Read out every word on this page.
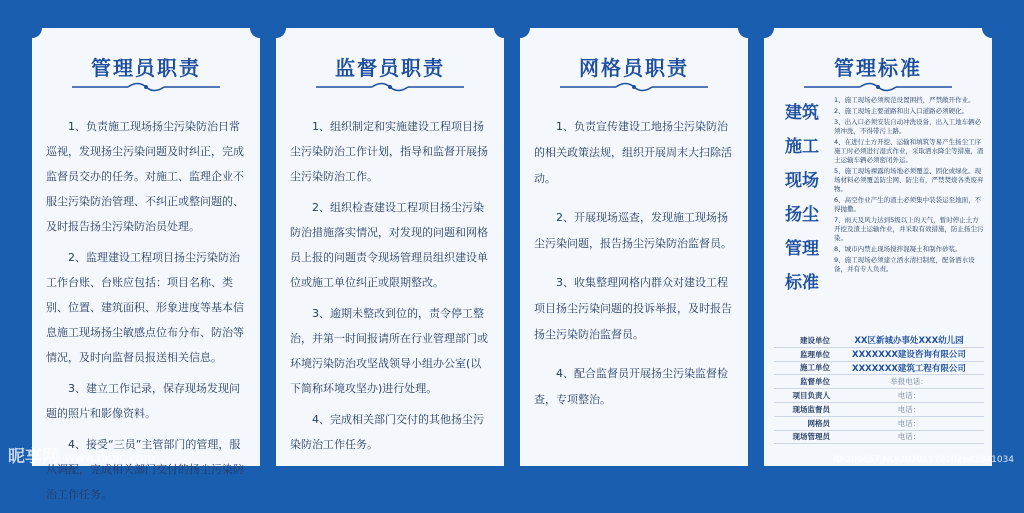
管理员职责

1、负责施工现场扬尘污染防治日常巡视，发现扬尘污染问题及时纠正，完成监督员交办的任务。对施工、监理企业不服尘污染防治管理、不纠正或整问题的、及时报告扬尘污染防治员处理。

2、监理建设工程项目扬尘污染防治工作台账、台账应包括：项目名称、类别、位置、建筑面积、形象进度等基本信息施工现场扬尘敏感点位布分布、防治等情况，及时向监督员报送相关信息。

3、建立工作记录，保存现场发现问题的照片和影像资料。

4、接受“三员”主管部门的管理，服从调配，完成相关部门交付的扬尘污染防治工作任务。

监督员职责

1、组织制定和实施建设工程项目扬尘污染防治工作计划，指导和监督开展扬尘污染防治工作。

2、组织检查建设工程项目扬尘污染防治措施落实情况，对发现的问题和网格员上报的问题责令现场管理员组织建设单位或施工单位纠正或限期整改。

3、逾期未整改到位的，责令停工整治，并第一时间报请所在行业管理部门或环境污染防治攻坚战领导小组办公室(以下简称环境攻坚办)进行处理。

4、完成相关部门交付的其他扬尘污染防治工作任务。

网格员职责

1、负责宣传建设工地扬尘污染防治的相关政策法规，组织开展周末大扫除活动。

2、开展现场巡查，发现施工现场扬尘污染问题，报告扬尘污染防治监督员。

3、收集整理网格内群众对建设工程项目扬尘污染问题的投诉举报，及时报告扬尘污染防治监督员。

4、配合监督员开展扬尘污染监督检查，专项整治。

管理标准
建筑
施工
现场
扬尘
管理
标准
1、施工现场必须规范设置围挡，严禁敞开作业。
2、施工现场主要道路和出入口道路必须硬化。
3、出入口必须安装自动冲洗设备，出入工地车辆必须冲洗，不得带污上路。
4、在进行土方开挖、运输和填筑等易产生扬尘工序施工时必须进行湿式作业，采取洒水降尘等措施，渣土运输车辆必须密闭外运。
5、施工现场裸露的场地必须覆盖、固化或绿化。现场材料必须覆盖防尘网、防尘布，严禁焚烧各类废弃物。
6、高空作业产生的渣土必须集中装袋运至地面，不得抛撒。
7、雨天及风力达到5级以上的天气，暂时停止土方开挖及渣土运输作业，并采取有效措施，防止扬尘污染。
8、城市内禁止现场搅拌混凝土和制作砂浆。
9、施工现场必须建立洒水清扫制度，配备洒水设备，并有专人负责。
建设单位	XX区新城办事处XXX幼儿园
监理单位	XXXXXXX建设咨询有限公司
施工单位	XXXXXXX建筑工程有限公司
监督单位	举报电话：
项目负责人	电话：
现场监督员	电话：
网格员	电话：
现场管理员	电话：
昵享网 www.nipic.com	ID:209657 NO:20201112102643841034
